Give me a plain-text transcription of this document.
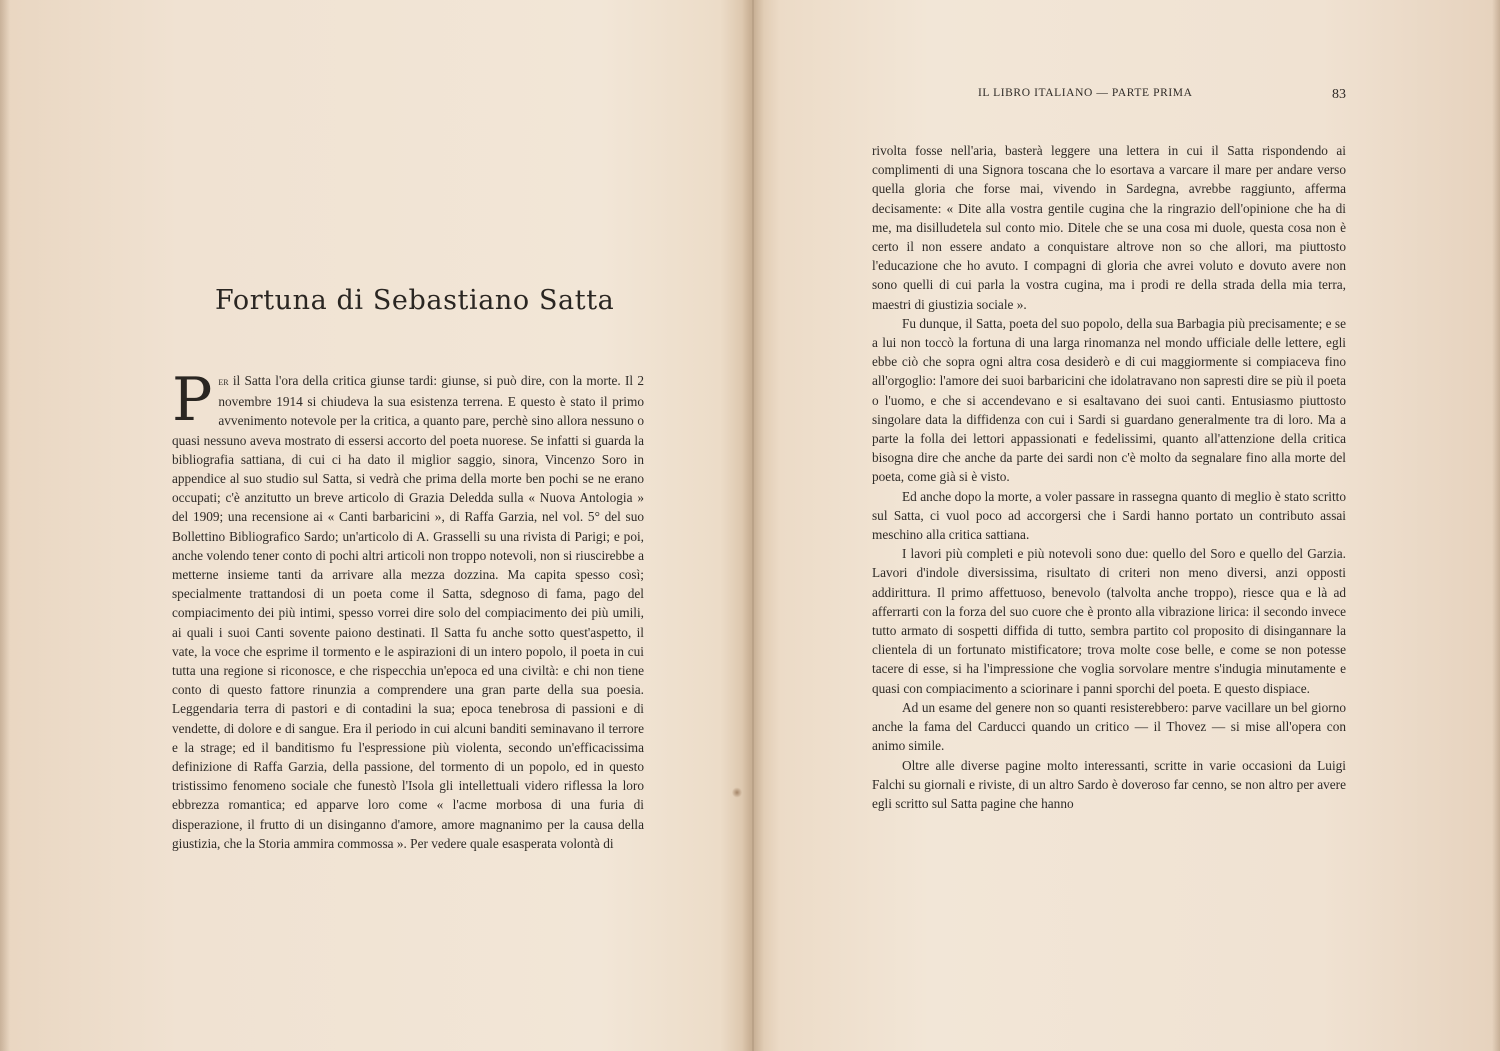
Fortuna di Sebastiano Satta
Per il Satta l'ora della critica giunse tardi: giunse, si può dire, con la morte. Il 2 novembre 1914 si chiudeva la sua esistenza terrena. E questo è stato il primo avvenimento notevole per la critica, a quanto pare, perchè sino allora nessuno o quasi nessuno aveva mostrato di essersi accorto del poeta nuorese. Se infatti si guarda la bibliografia sattiana, di cui ci ha dato il miglior saggio, sinora, Vincenzo Soro in appendice al suo studio sul Satta, si vedrà che prima della morte ben pochi se ne erano occupati; c'è anzitutto un breve articolo di Grazia Deledda sulla « Nuova Antologia » del 1909; una recensione ai « Canti barbaricini », di Raffa Garzia, nel vol. 5° del suo Bollettino Bibliografico Sardo; un'articolo di A. Grasselli su una rivista di Parigi; e poi, anche volendo tener conto di pochi altri articoli non troppo notevoli, non si riuscirebbe a metterne insieme tanti da arrivare alla mezza dozzina. Ma capita spesso così; specialmente trattandosi di un poeta come il Satta, sdegnoso di fama, pago del compiacimento dei più intimi, spesso vorrei dire solo del compiacimento dei più umili, ai quali i suoi Canti sovente paiono destinati. Il Satta fu anche sotto quest'aspetto, il vate, la voce che esprime il tormento e le aspirazioni di un intero popolo, il poeta in cui tutta una regione si riconosce, e che rispecchia un'epoca ed una civiltà: e chi non tiene conto di questo fattore rinunzia a comprendere una gran parte della sua poesia. Leggendaria terra di pastori e di contadini la sua; epoca tenebrosa di passioni e di vendette, di dolore e di sangue. Era il periodo in cui alcuni banditi seminavano il terrore e la strage; ed il banditismo fu l'espressione più violenta, secondo un'efficacissima definizione di Raffa Garzia, della passione, del tormento di un popolo, ed in questo tristissimo fenomeno sociale che funestò l'Isola gli intellettuali videro riflessa la loro ebbrezza romantica; ed apparve loro come « l'acme morbosa di una furia di disperazione, il frutto di un disinganno d'amore, amore magnanimo per la causa della giustizia, che la Storia ammira commossa ». Per vedere quale esasperata volontà di
IL LIBRO ITALIANO — PARTE PRIMA	83

rivolta fosse nell'aria, basterà leggere una lettera in cui il Satta rispondendo ai complimenti di una Signora toscana che lo esortava a varcare il mare per andare verso quella gloria che forse mai, vivendo in Sardegna, avrebbe raggiunto, afferma decisamente: « Dite alla vostra gentile cugina che la ringrazio dell'opinione che ha di me, ma disilludetela sul conto mio. Ditele che se una cosa mi duole, questa cosa non è certo il non essere andato a conquistare altrove non so che allori, ma piuttosto l'educazione che ho avuto. I compagni di gloria che avrei voluto e dovuto avere non sono quelli di cui parla la vostra cugina, ma i prodi re della strada della mia terra, maestri di giustizia sociale ».

Fu dunque, il Satta, poeta del suo popolo, della sua Barbagia più precisamente; e se a lui non toccò la fortuna di una larga rinomanza nel mondo ufficiale delle lettere, egli ebbe ciò che sopra ogni altra cosa desiderò e di cui maggiormente si compiaceva fino all'orgoglio: l'amore dei suoi barbaricini che idolatravano non sapresti dire se più il poeta o l'uomo, e che si accendevano e si esaltavano dei suoi canti. Entusiasmo piuttosto singolare data la diffidenza con cui i Sardi si guardano generalmente tra di loro. Ma a parte la folla dei lettori appassionati e fedelissimi, quanto all'attenzione della critica bisogna dire che anche da parte dei sardi non c'è molto da segnalare fino alla morte del poeta, come già si è visto.

Ed anche dopo la morte, a voler passare in rassegna quanto di meglio è stato scritto sul Satta, ci vuol poco ad accorgersi che i Sardi hanno portato un contributo assai meschino alla critica sattiana.

I lavori più completi e più notevoli sono due: quello del Soro e quello del Garzia. Lavori d'indole diversissima, risultato di criteri non meno diversi, anzi opposti addirittura. Il primo affettuoso, benevolo (talvolta anche troppo), riesce qua e là ad afferrarti con la forza del suo cuore che è pronto alla vibrazione lirica: il secondo invece tutto armato di sospetti diffida di tutto, sembra partito col proposito di disingannare la clientela di un fortunato mistificatore; trova molte cose belle, e come se non potesse tacere di esse, si ha l'impressione che voglia sorvolare mentre s'indugia minutamente e quasi con compiacimento a sciorinare i panni sporchi del poeta. E questo dispiace.

Ad un esame del genere non so quanti resisterebbero: parve vacillare un bel giorno anche la fama del Carducci quando un critico — il Thovez — si mise all'opera con animo simile.

Oltre alle diverse pagine molto interessanti, scritte in varie occasioni da Luigi Falchi su giornali e riviste, di un altro Sardo è doveroso far cenno, se non altro per avere egli scritto sul Satta pagine che hanno
